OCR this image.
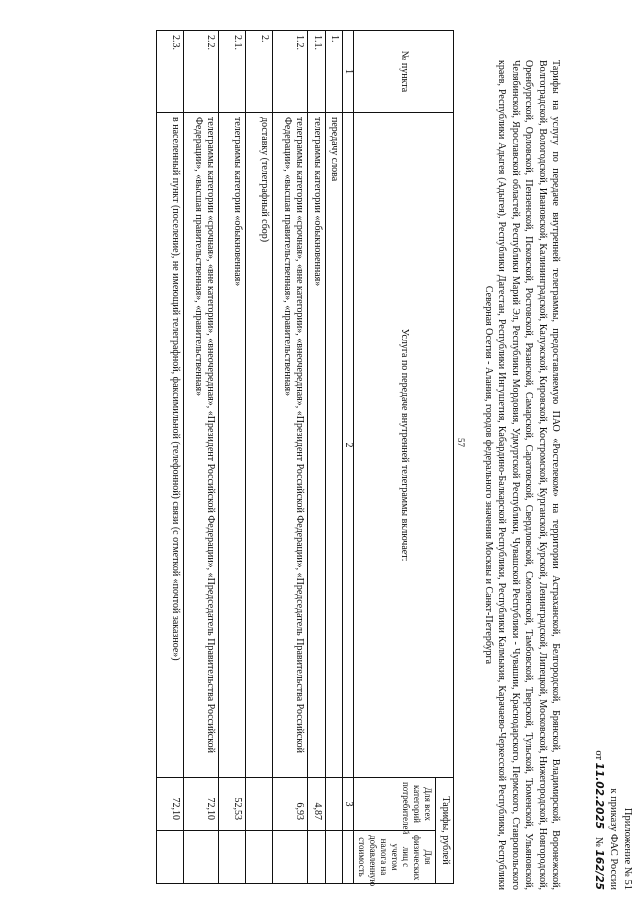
57
Приложение № 51
к приказу ФАС России
от 11.02.2025   № 162/25
Тарифы на услугу по передаче внутренней телеграммы, предоставляемую ПАО «Ростелеком» на территории Астраханской, Белгородской, Брянской, Владимирской, Воронежской, Волгоградской, Вологодской, Ивановской, Калининградской, Калужской, Кировской, Костромской, Курганской, Курской, Ленинградской, Липецкой, Московской, Нижегородской, Новгородской, Оренбургской, Орловской, Пензенской, Псковской, Ростовской, Рязанской, Самарской, Саратовской, Свердловской, Смоленской, Тамбовской, Тверской, Тульской, Тюменской, Ульяновской, Челябинской, Ярославской областей, Республики Марий Эл, Республики Мордовия, Удмуртской Республики, Чувашской Республики - Чувашии, Краснодарского, Пермского, Ставропольского краев, Республики Адыгея (Адыгея), Республики Дагестан, Республики Ингушетия, Кабардино-Балкарской Республики, Республики Калмыкия, Карачаево-Черкесской Республики, Республики Северная Осетия - Алания, городов федерального значения Москвы и Санкт-Петербурга
№ пункта	Услуга по передаче внутренней телеграммы включает:	Тарифы, рублей	
		Для всех категорий потребителей	Для физических лиц с учетом налога на добавленную стоимость
1	2	3	
1.	передачу слова		
1.1.	телеграммы категории «обыкновенная»	4,87	
1.2.	телеграммы категории «срочная», «вне категории», «внеочередная», «Президент Российской Федерации», «Председатель Правительства Российской Федерации», «высшая правительственная», «правительственная»	6,93	
2.	доставку (телеграфный сбор)		
2.1.	телеграммы категории «обыкновенная»	52,53	
2.2.	телеграммы категории «срочная», «вне категории», «внеочередная», «Президент Российской Федерации», «Председатель Правительства Российской Федерации», «высшая правительственная», «правительственная»	72,10	
2.3.	в населенный пункт (поселение), не имеющий телеграфной, факсимильной (телефонной) связи (с отметкой «почтой заказное»)	72,10	
